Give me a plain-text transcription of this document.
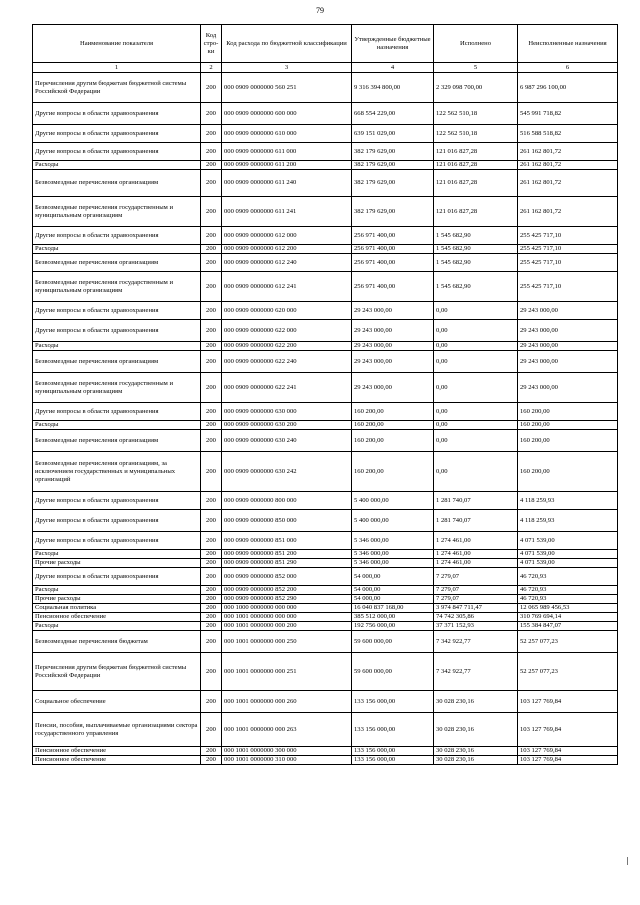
79
Наименование показателя	Код стро-ки	Код расхода по бюджетной классификации	Утвержденные бюджетные назначения	Исполнено	Неисполненные назначения
1	2	3	4	5	6
Перечисления другим бюджетам бюджетной системы Российской Федерации	200	000 0909 0000000 560 251	9 316 394 800,00	2 329 098 700,00	6 987 296 100,00
Другие вопросы в области здравоохранения	200	000 0909 0000000 600 000	668 554 229,00	122 562 510,18	545 991 718,82
Другие вопросы в области здравоохранения	200	000 0909 0000000 610 000	639 151 029,00	122 562 510,18	516 588 518,82
Другие вопросы в области здравоохранения	200	000 0909 0000000 611 000	382 179 629,00	121 016 827,28	261 162 801,72
Расходы	200	000 0909 0000000 611 200	382 179 629,00	121 016 827,28	261 162 801,72
Безвозмездные перечисления организациям	200	000 0909 0000000 611 240	382 179 629,00	121 016 827,28	261 162 801,72
Безвозмездные перечисления государственным и муниципальным организациям	200	000 0909 0000000 611 241	382 179 629,00	121 016 827,28	261 162 801,72
Другие вопросы в области здравоохранения	200	000 0909 0000000 612 000	256 971 400,00	1 545 682,90	255 425 717,10
Расходы	200	000 0909 0000000 612 200	256 971 400,00	1 545 682,90	255 425 717,10
Безвозмездные перечисления организациям	200	000 0909 0000000 612 240	256 971 400,00	1 545 682,90	255 425 717,10
Безвозмездные перечисления государственным и муниципальным организациям	200	000 0909 0000000 612 241	256 971 400,00	1 545 682,90	255 425 717,10
Другие вопросы в области здравоохранения	200	000 0909 0000000 620 000	29 243 000,00	0,00	29 243 000,00
Другие вопросы в области здравоохранения	200	000 0909 0000000 622 000	29 243 000,00	0,00	29 243 000,00
Расходы	200	000 0909 0000000 622 200	29 243 000,00	0,00	29 243 000,00
Безвозмездные перечисления организациям	200	000 0909 0000000 622 240	29 243 000,00	0,00	29 243 000,00
Безвозмездные перечисления государственным и муниципальным организациям	200	000 0909 0000000 622 241	29 243 000,00	0,00	29 243 000,00
Другие вопросы в области здравоохранения	200	000 0909 0000000 630 000	160 200,00	0,00	160 200,00
Расходы	200	000 0909 0000000 630 200	160 200,00	0,00	160 200,00
Безвозмездные перечисления организациям	200	000 0909 0000000 630 240	160 200,00	0,00	160 200,00
Безвозмездные перечисления организациям, за исключением государственных и муниципальных организаций	200	000 0909 0000000 630 242	160 200,00	0,00	160 200,00
Другие вопросы в области здравоохранения	200	000 0909 0000000 800 000	5 400 000,00	1 281 740,07	4 118 259,93
Другие вопросы в области здравоохранения	200	000 0909 0000000 850 000	5 400 000,00	1 281 740,07	4 118 259,93
Другие вопросы в области здравоохранения	200	000 0909 0000000 851 000	5 346 000,00	1 274 461,00	4 071 539,00
Расходы	200	000 0909 0000000 851 200	5 346 000,00	1 274 461,00	4 071 539,00
Прочие расходы	200	000 0909 0000000 851 290	5 346 000,00	1 274 461,00	4 071 539,00
Другие вопросы в области здравоохранения	200	000 0909 0000000 852 000	54 000,00	7 279,07	46 720,93
Расходы	200	000 0909 0000000 852 200	54 000,00	7 279,07	46 720,93
Прочие расходы	200	000 0909 0000000 852 290	54 000,00	7 279,07	46 720,93
Социальная политика	200	000 1000 0000000 000 000	16 040 837 168,00	3 974 847 711,47	12 065 989 456,53
Пенсионное обеспечение	200	000 1001 0000000 000 000	385 512 000,00	74 742 305,86	310 769 694,14
Расходы	200	000 1001 0000000 000 200	192 756 000,00	37 371 152,93	155 384 847,07
Безвозмездные перечисления бюджетам	200	000 1001 0000000 000 250	59 600 000,00	7 342 922,77	52 257 077,23
Перечисления другим бюджетам бюджетной системы Российской Федерации	200	000 1001 0000000 000 251	59 600 000,00	7 342 922,77	52 257 077,23
Социальное обеспечение	200	000 1001 0000000 000 260	133 156 000,00	30 028 230,16	103 127 769,84
Пенсии, пособия, выплачиваемые организациями сектора государственного управления	200	000 1001 0000000 000 263	133 156 000,00	30 028 230,16	103 127 769,84
Пенсионное обеспечение	200	000 1001 0000000 300 000	133 156 000,00	30 028 230,16	103 127 769,84
Пенсионное обеспечение	200	000 1001 0000000 310 000	133 156 000,00	30 028 230,16	103 127 769,84
